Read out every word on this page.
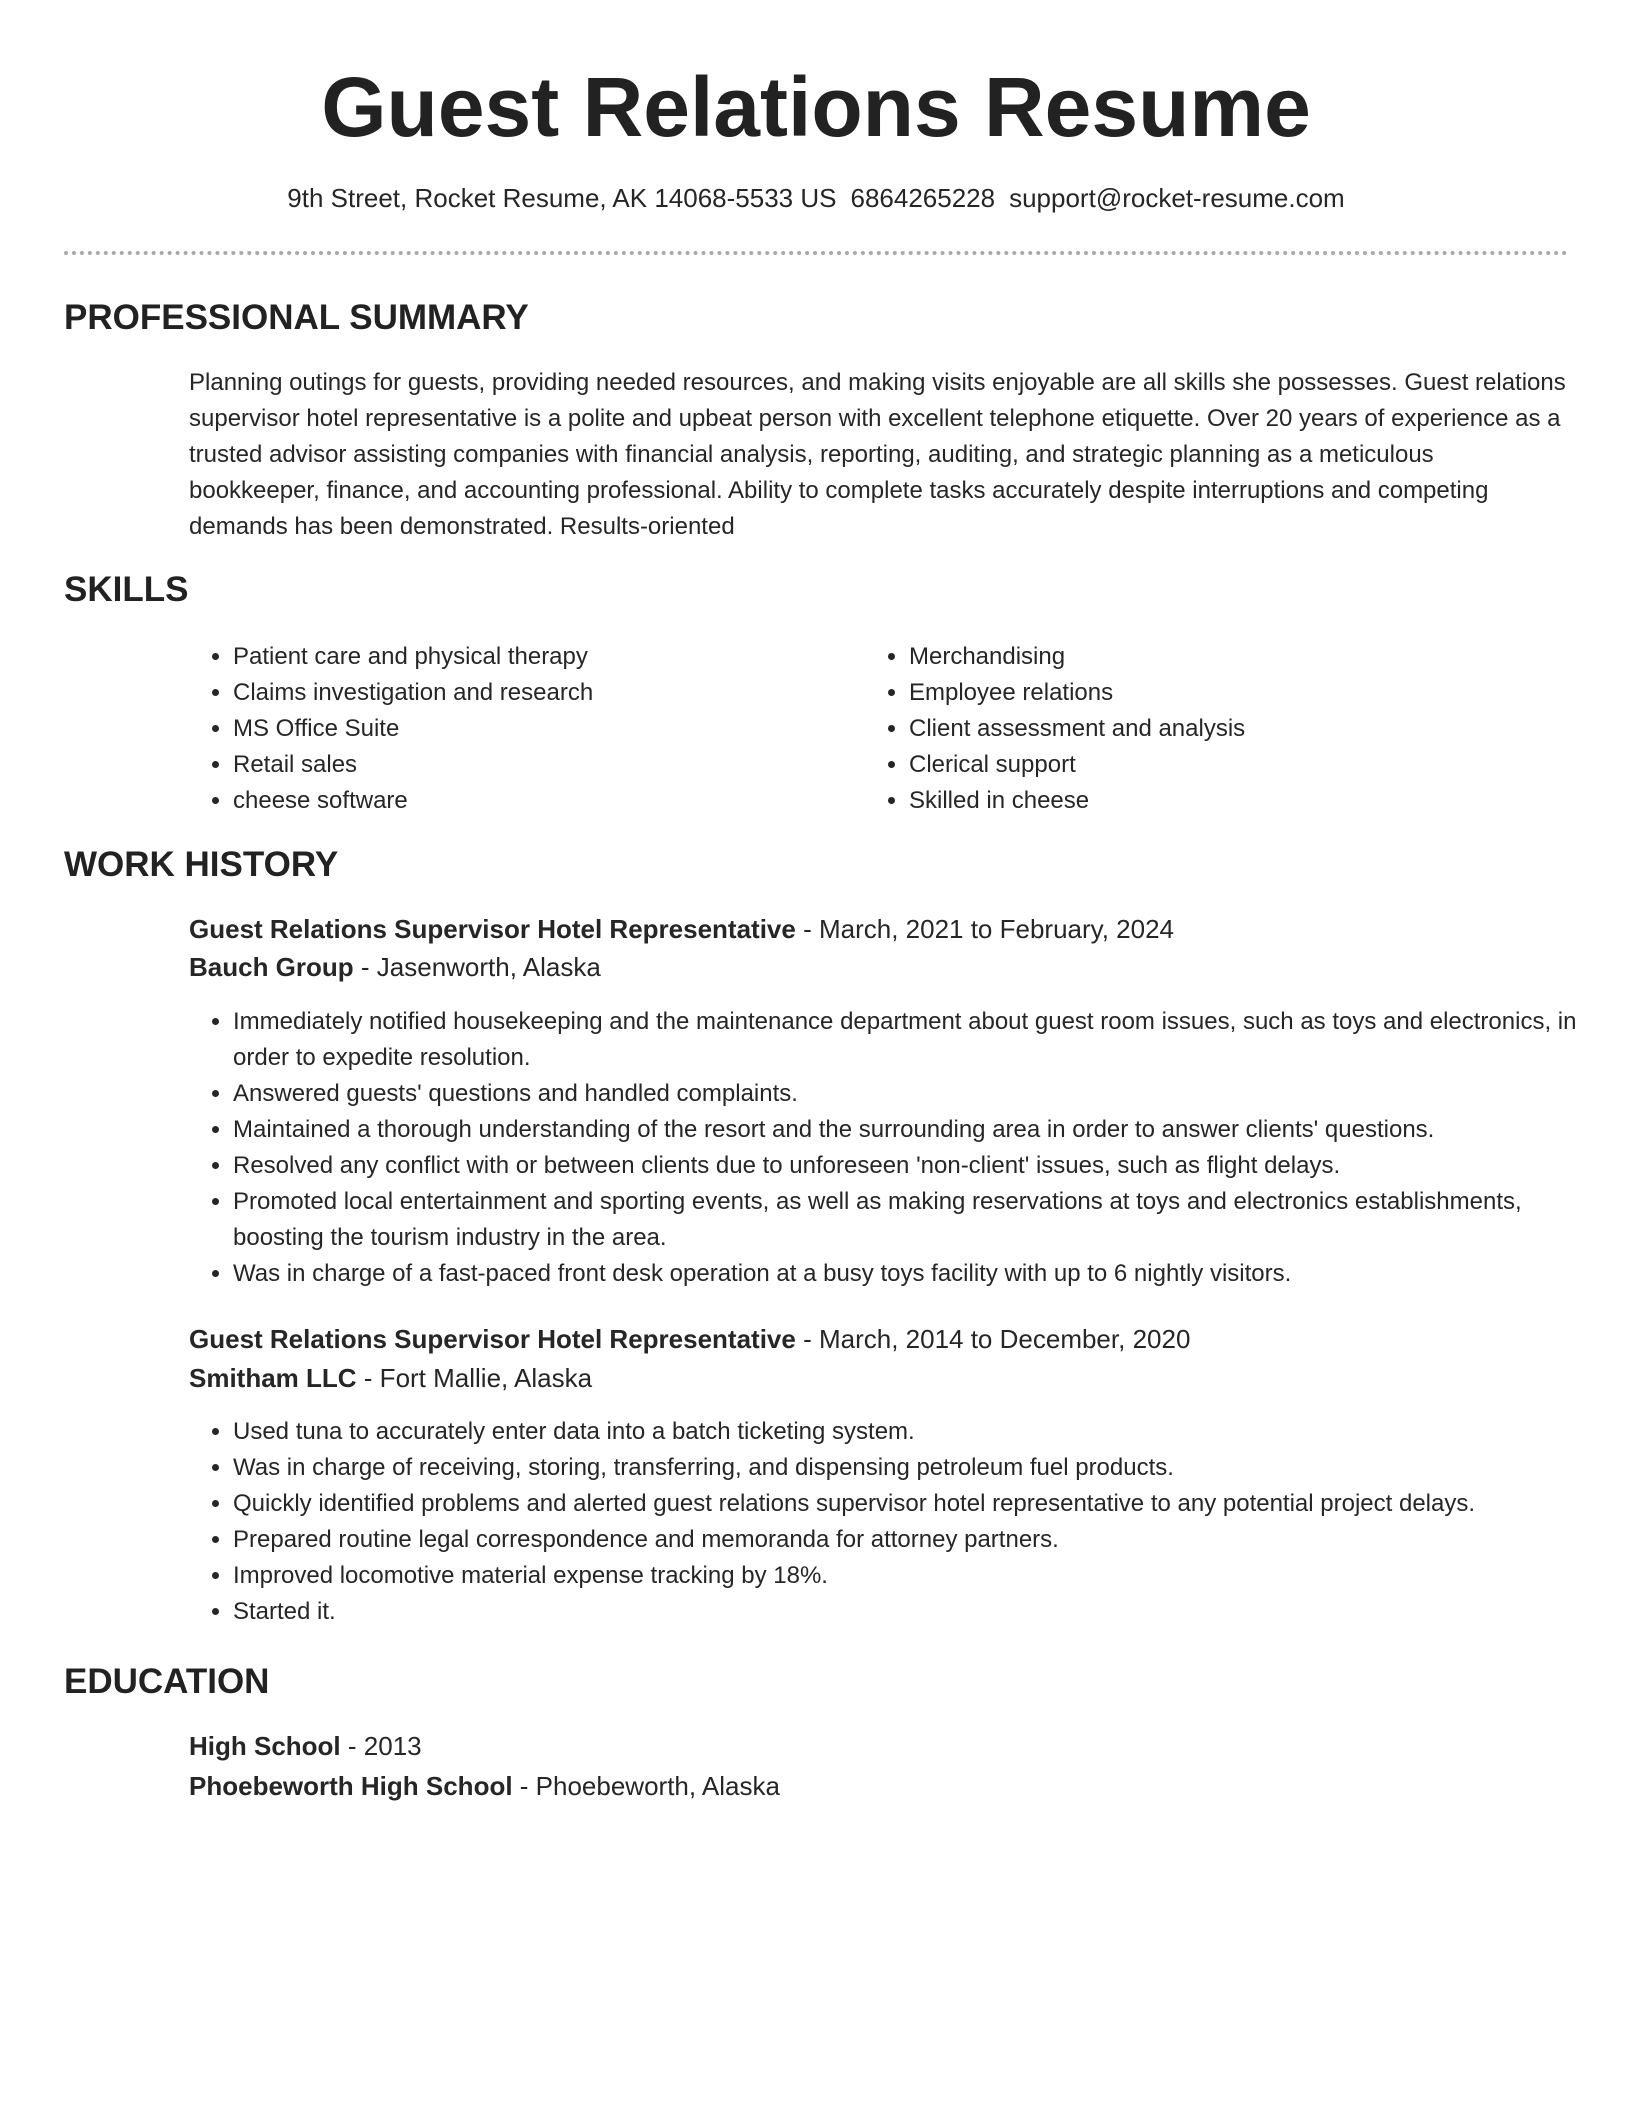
Guest Relations Resume
9th Street, Rocket Resume, AK 14068-5533 US 6864265228 support@rocket-resume.com
PROFESSIONAL SUMMARY

Planning outings for guests, providing needed resources, and making visits enjoyable are all skills she possesses. Guest relations supervisor hotel representative is a polite and upbeat person with excellent telephone etiquette. Over 20 years of experience as a trusted advisor assisting companies with financial analysis, reporting, auditing, and strategic planning as a meticulous bookkeeper, finance, and accounting professional. Ability to complete tasks accurately despite interruptions and competing demands has been demonstrated. Results-oriented

SKILLS
• Patient care and physical therapy
• Claims investigation and research
• MS Office Suite
• Retail sales
• cheese software
• Merchandising
• Employee relations
• Client assessment and analysis
• Clerical support
• Skilled in cheese
WORK HISTORY
Guest Relations Supervisor Hotel Representative - March, 2021 to February, 2024
Bauch Group - Jasenworth, Alaska
• Immediately notified housekeeping and the maintenance department about guest room issues, such as toys and electronics, in order to expedite resolution.
• Answered guests' questions and handled complaints.
• Maintained a thorough understanding of the resort and the surrounding area in order to answer clients' questions.
• Resolved any conflict with or between clients due to unforeseen 'non-client' issues, such as flight delays.
• Promoted local entertainment and sporting events, as well as making reservations at toys and electronics establishments, boosting the tourism industry in the area.
• Was in charge of a fast-paced front desk operation at a busy toys facility with up to 6 nightly visitors.
Guest Relations Supervisor Hotel Representative - March, 2014 to December, 2020
Smitham LLC - Fort Mallie, Alaska
• Used tuna to accurately enter data into a batch ticketing system.
• Was in charge of receiving, storing, transferring, and dispensing petroleum fuel products.
• Quickly identified problems and alerted guest relations supervisor hotel representative to any potential project delays.
• Prepared routine legal correspondence and memoranda for attorney partners.
• Improved locomotive material expense tracking by 18%.
• Started it.
EDUCATION
High School - 2013
Phoebeworth High School - Phoebeworth, Alaska
